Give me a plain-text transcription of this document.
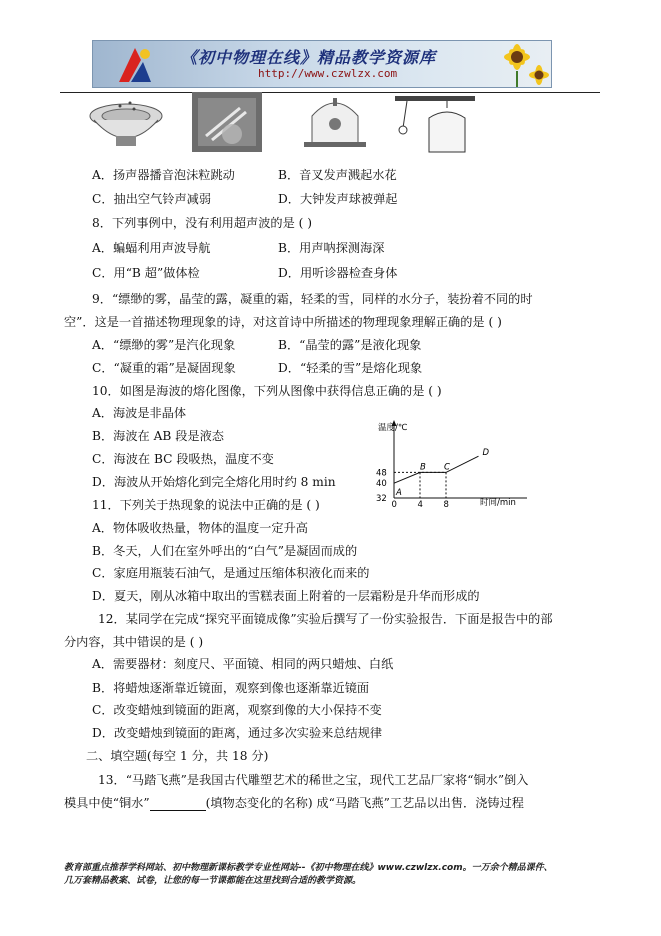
《初中物理在线》精品教学资源库
http://www.czwlzx.com
A．扬声器播音泡沫粒跳动	B．音叉发声溅起水花
C．抽出空气铃声减弱	D．大钟发声球被弹起
8．下列事例中，没有利用超声波的是 ( )
A．蝙蝠利用声波导航	B．用声呐探测海深
C．用“B 超”做体检	D．用听诊器检查身体
9．“缥缈的雾，晶莹的露，凝重的霜，轻柔的雪，同样的水分子，装扮着不同的时
空”．这是一首描述物理现象的诗，对这首诗中所描述的物理现象理解正确的是 ( )
A．“缥缈的雾”是汽化现象	B．“晶莹的露”是液化现象
C．“凝重的霜”是凝固现象	D．“轻柔的雪”是熔化现象
10．如图是海波的熔化图像，下列从图像中获得信息正确的是 ( )
A．海波是非晶体
B．海波在 AB 段是液态
C．海波在 BC 段吸热，温度不变
D．海波从开始熔化到完全熔化用时约 8 min
温度/℃
时间/min
0 4 8
32
40
48
A
B C
D
11．下列关于热现象的说法中正确的是 ( )
A．物体吸收热量，物体的温度一定升高
B．冬天，人们在室外呼出的“白气”是凝固而成的
C．家庭用瓶装石油气，是通过压缩体积液化而来的
D．夏天，刚从冰箱中取出的雪糕表面上附着的一层霜粉是升华而形成的
12．某同学在完成“探究平面镜成像”实验后撰写了一份实验报告．下面是报告中的部
分内容，其中错误的是 ( )
A．需要器材：刻度尺、平面镜、相同的两只蜡烛、白纸
B．将蜡烛逐渐靠近镜面，观察到像也逐渐靠近镜面
C．改变蜡烛到镜面的距离，观察到像的大小保持不变
D．改变蜡烛到镜面的距离，通过多次实验来总结规律
二、填空题(每空 1 分，共 18 分)
13．“马踏飞燕”是我国古代雕塑艺术的稀世之宝，现代工艺品厂家将“铜水”倒入
模具中使“铜水”	(填物态变化的名称) 成“马踏飞燕”工艺品以出售．浇铸过程
教育部重点推荐学科网站、初中物理新课标教学专业性网站--《初中物理在线》www.czwlzx.com。一万余个精品课件、
几万套精品教案、试卷，让您的每一节课都能在这里找到合适的教学资源。
